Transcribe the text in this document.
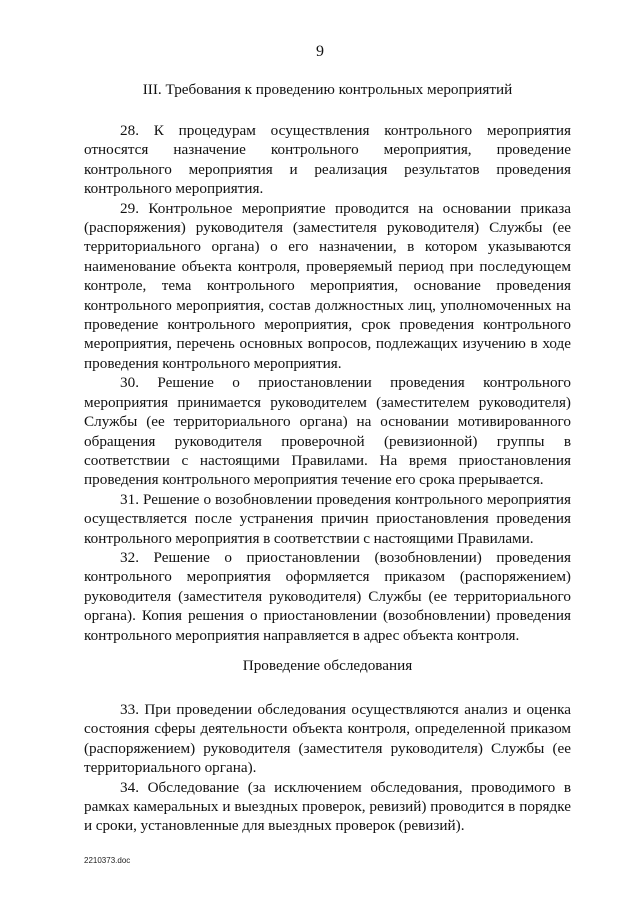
9
III. Требования к проведению контрольных мероприятий

28. К процедурам осуществления контрольного мероприятия относятся назначение контрольного мероприятия, проведение контрольного мероприятия и реализация результатов проведения контрольного мероприятия.

29. Контрольное мероприятие проводится на основании приказа (распоряжения) руководителя (заместителя руководителя) Службы (ее территориального органа) о его назначении, в котором указываются наименование объекта контроля, проверяемый период при последующем контроле, тема контрольного мероприятия, основание проведения контрольного мероприятия, состав должностных лиц, уполномоченных на проведение контрольного мероприятия, срок проведения контрольного мероприятия, перечень основных вопросов, подлежащих изучению в ходе проведения контрольного мероприятия.

30. Решение о приостановлении проведения контрольного мероприятия принимается руководителем (заместителем руководителя) Службы (ее территориального органа) на основании мотивированного обращения руководителя проверочной (ревизионной) группы в соответствии с настоящими Правилами. На время приостановления проведения контрольного мероприятия течение его срока прерывается.

31. Решение о возобновлении проведения контрольного мероприятия осуществляется после устранения причин приостановления проведения контрольного мероприятия в соответствии с настоящими Правилами.

32. Решение о приостановлении (возобновлении) проведения контрольного мероприятия оформляется приказом (распоряжением) руководителя (заместителя руководителя) Службы (ее территориального органа). Копия решения о приостановлении (возобновлении) проведения контрольного мероприятия направляется в адрес объекта контроля.

Проведение обследования

33. При проведении обследования осуществляются анализ и оценка состояния сферы деятельности объекта контроля, определенной приказом (распоряжением) руководителя (заместителя руководителя) Службы (ее территориального органа).

34. Обследование (за исключением обследования, проводимого в рамках камеральных и выездных проверок, ревизий) проводится в порядке и сроки, установленные для выездных проверок (ревизий).

2210373.doc
